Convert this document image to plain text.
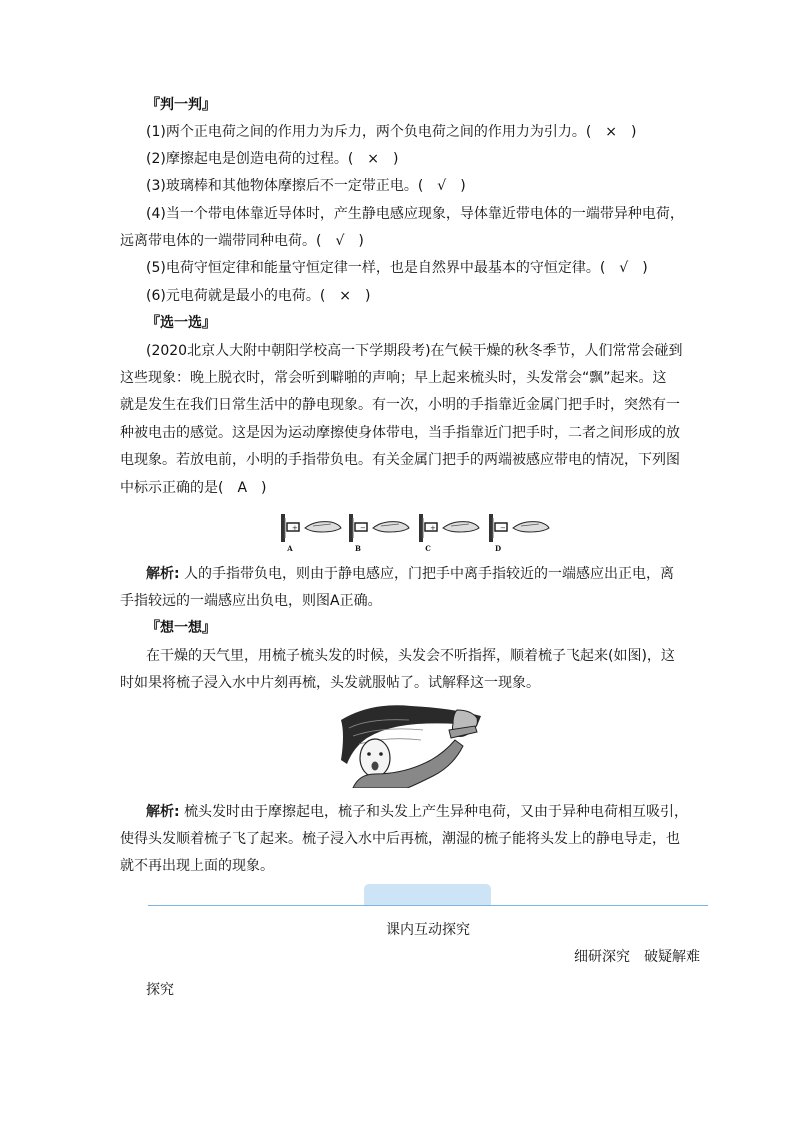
『判一判』
(1)两个正电荷之间的作用力为斥力，两个负电荷之间的作用力为引力。(　×　)
(2)摩擦起电是创造电荷的过程。(　×　)
(3)玻璃棒和其他物体摩擦后不一定带正电。(　√　)
(4)当一个带电体靠近导体时，产生静电感应现象，导体靠近带电体的一端带异种电荷，
远离带电体的一端带同种电荷。(　√　)
(5)电荷守恒定律和能量守恒定律一样，也是自然界中最基本的守恒定律。(　√　)
(6)元电荷就是最小的电荷。(　×　)
『选一选』
(2020北京人大附中朝阳学校高一下学期段考)在气候干燥的秋冬季节，人们常常会碰到
这些现象：晚上脱衣时，常会听到噼啪的声响；早上起来梳头时，头发常会“飘”起来。这
就是发生在我们日常生活中的静电现象。有一次，小明的手指靠近金属门把手时，突然有一
种被电击的感觉。这是因为运动摩擦使身体带电，当手指靠近门把手时，二者之间形成的放
电现象。若放电前，小明的手指带负电。有关金属门把手的两端被感应带电的情况，下列图
中标示正确的是(　A　)
+
A
−
B
+
C
−
D
解析: 人的手指带负电，则由于静电感应，门把手中离手指较近的一端感应出正电，离
手指较远的一端感应出负电，则图A正确。
『想一想』
在干燥的天气里，用梳子梳头发的时候，头发会不听指挥，顺着梳子飞起来(如图)，这
时如果将梳子浸入水中片刻再梳，头发就服帖了。试解释这一现象。
解析: 梳头发时由于摩擦起电，梳子和头发上产生异种电荷，又由于异种电荷相互吸引，
使得头发顺着梳子飞了起来。梳子浸入水中后再梳，潮湿的梳子能将头发上的静电导走，也
就不再出现上面的现象。
课内互动探究
细研深究　破疑解难
探究
